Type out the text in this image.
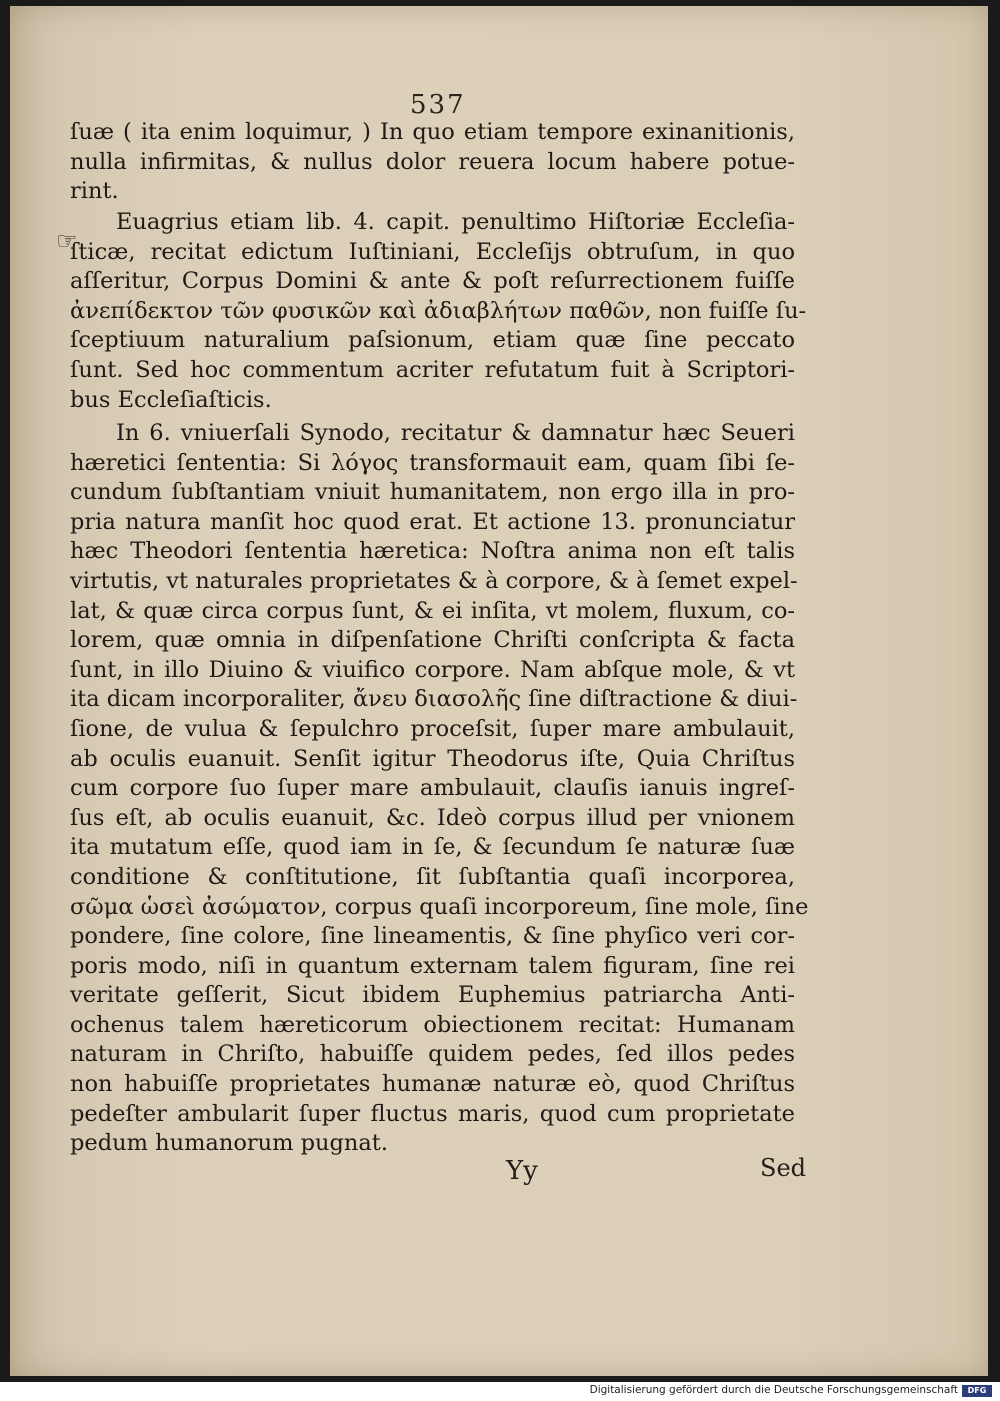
537
☞
ſuæ ( ita enim loquimur, ) In quo etiam tempore exinanitionis,
nulla infirmitas, & nullus dolor reuera locum habere potue-
rint.
Euagrius etiam lib. 4. capit. penultimo Hiſtoriæ Eccleſia-
ſticæ, recitat edictum Iuſtiniani, Eccleſijs obtruſum, in quo
aſſeritur, Corpus Domini & ante & poſt reſurrectionem fuiſſe
ἀνεπίδεκτον τῶν φυσικῶν καὶ ἀδιαβλήτων παθῶν, non fuiſſe ſu-
ſceptiuum naturalium paſsionum, etiam quæ ſine peccato
ſunt. Sed hoc commentum acriter refutatum fuit à Scriptori-
bus Eccleſiaſticis.
In 6. vniuerſali Synodo, recitatur & damnatur hæc Seueri
hæretici ſententia: Si λόγος transformauit eam, quam ſibi ſe-
cundum ſubſtantiam vniuit humanitatem, non ergo illa in pro-
pria natura manſit hoc quod erat. Et actione 13. pronunciatur
hæc Theodori ſententia hæretica: Noſtra anima non eſt talis
virtutis, vt naturales proprietates & à corpore, & à ſemet expel-
lat, & quæ circa corpus ſunt, & ei inſita, vt molem, fluxum, co-
lorem, quæ omnia in diſpenſatione Chriſti conſcripta & facta
ſunt, in illo Diuino & viuifico corpore. Nam abſque mole, & vt
ita dicam incorporaliter, ἄνευ διασολῆς ſine diſtractione & diui-
ſione, de vulua & ſepulchro proceſsit, ſuper mare ambulauit,
ab oculis euanuit. Senſit igitur Theodorus iſte, Quia Chriſtus
cum corpore ſuo ſuper mare ambulauit, clauſis ianuis ingreſ-
ſus eſt, ab oculis euanuit, &c. Ideò corpus illud per vnionem
ita mutatum eſſe, quod iam in ſe, & ſecundum ſe naturæ ſuæ
conditione & conſtitutione, ſit ſubſtantia quaſi incorporea,
σῶμα ὡσεὶ ἀσώματον, corpus quaſi incorporeum, ſine mole, ſine
pondere, ſine colore, ſine lineamentis, & ſine phyſico veri cor-
poris modo, niſi in quantum externam talem figuram, ſine rei
veritate geſſerit, Sicut ibidem Euphemius patriarcha Anti-
ochenus talem hæreticorum obiectionem recitat: Humanam
naturam in Chriſto, habuiſſe quidem pedes, ſed illos pedes
non habuiſſe proprietates humanæ naturæ eò, quod Chriſtus
pedeſter ambularit ſuper fluctus maris, quod cum proprietate
pedum humanorum pugnat.
Yy	Sed
Digitalisierung gefördert durch die Deutsche Forschungsgemeinschaft	DFG
